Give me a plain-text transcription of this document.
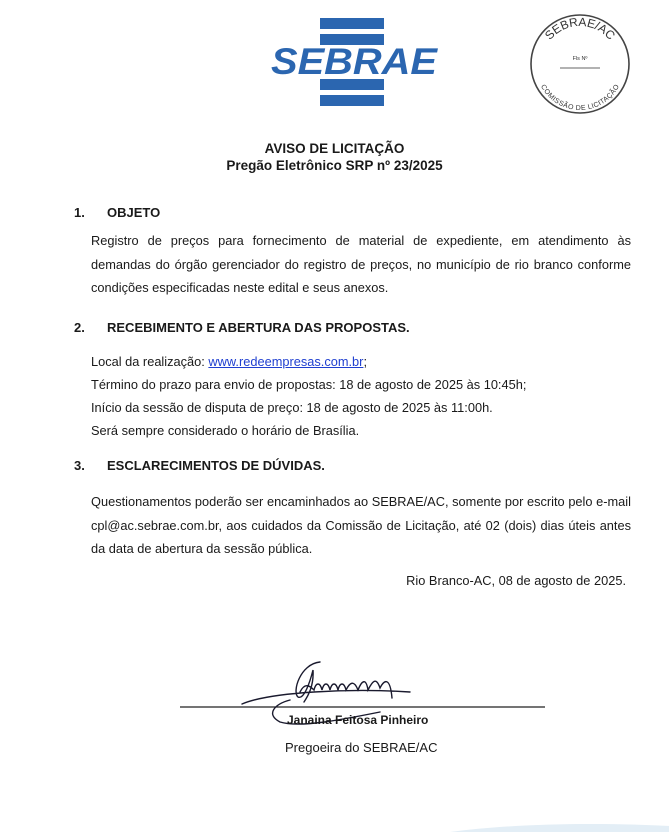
SEBRAE
SEBRAE/AC
Fls Nº
COMISSÃO DE LICITAÇÃO
AVISO DE LICITAÇÃO
Pregão Eletrônico SRP nº 23/2025
1. OBJETO
Registro de preços para fornecimento de material de expediente, em atendimento às demandas do órgão gerenciador do registro de preços, no município de rio branco conforme condições especificadas neste edital e seus anexos.
2. RECEBIMENTO E ABERTURA DAS PROPOSTAS.
Local da realização: www.redeempresas.com.br;
Término do prazo para envio de propostas: 18 de agosto de 2025 às 10:45h;
Início da sessão de disputa de preço: 18 de agosto de 2025 às 11:00h.
Será sempre considerado o horário de Brasília.
3. ESCLARECIMENTOS DE DÚVIDAS.
Questionamentos poderão ser encaminhados ao SEBRAE/AC, somente por escrito pelo e-mail cpl@ac.sebrae.com.br, aos cuidados da Comissão de Licitação, até 02 (dois) dias úteis antes da data de abertura da sessão pública.
Rio Branco-AC, 08 de agosto de 2025.
Janaina Feitosa Pinheiro
Pregoeira do SEBRAE/AC
